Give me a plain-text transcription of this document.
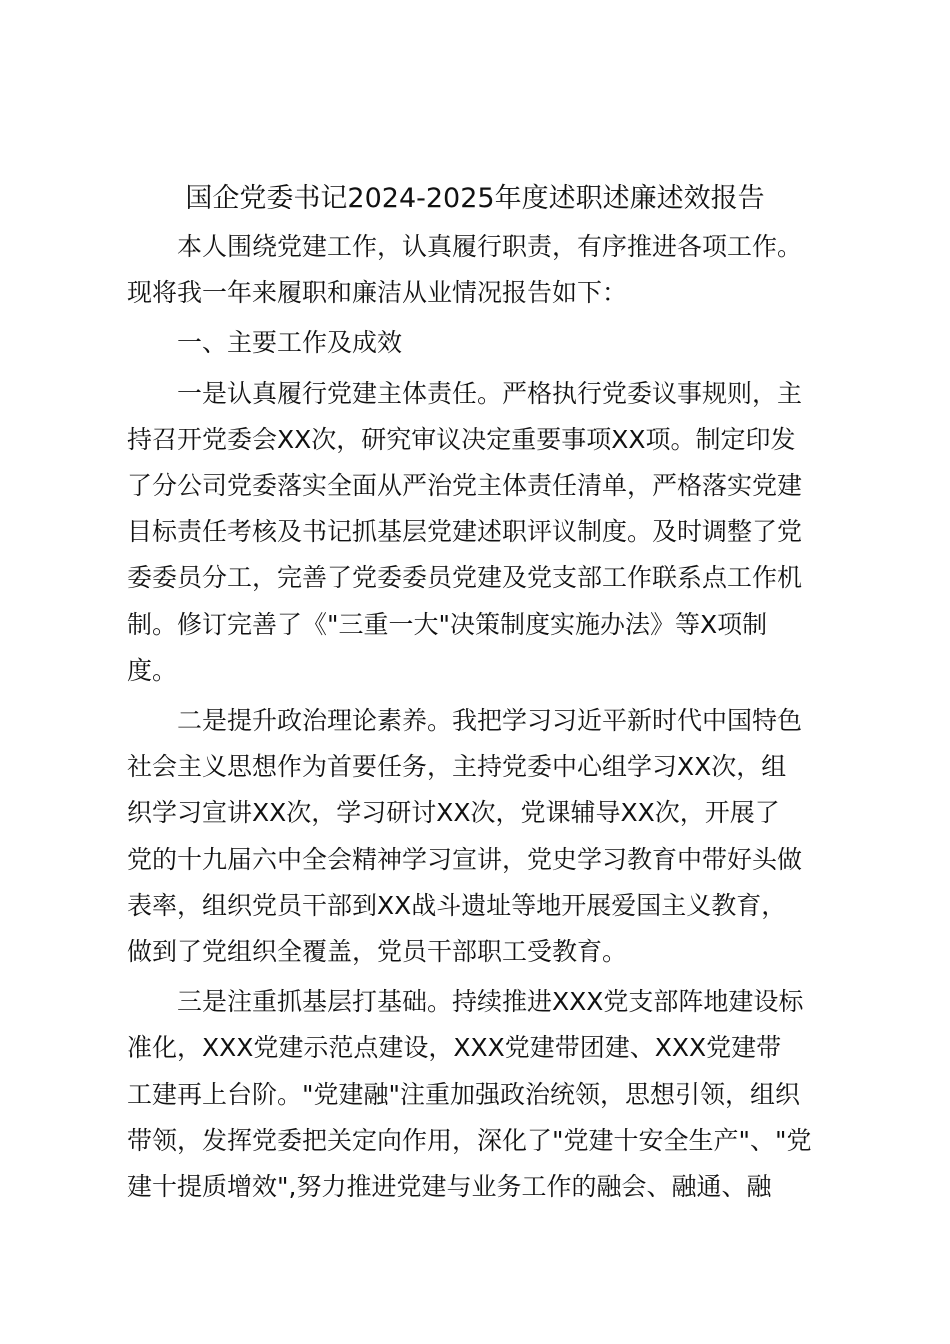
国企党委书记2024-2025年度述职述廉述效报告

本人围绕党建工作，认真履行职责，有序推进各项工作。
现将我一年来履职和廉洁从业情况报告如下：

一、主要工作及成效

一是认真履行党建主体责任。严格执行党委议事规则，主
持召开党委会XX次，研究审议决定重要事项XX项。制定印发
了分公司党委落实全面从严治党主体责任清单，严格落实党建
目标责任考核及书记抓基层党建述职评议制度。及时调整了党
委委员分工，完善了党委委员党建及党支部工作联系点工作机
制。修订完善了《"三重一大"决策制度实施办法》等X项制
度。

二是提升政治理论素养。我把学习习近平新时代中国特色
社会主义思想作为首要任务，主持党委中心组学习XX次，组
织学习宣讲XX次，学习研讨XX次，党课辅导XX次，开展了
党的十九届六中全会精神学习宣讲，党史学习教育中带好头做
表率，组织党员干部到XX战斗遗址等地开展爱国主义教育，
做到了党组织全覆盖，党员干部职工受教育。

三是注重抓基层打基础。持续推进XXX党支部阵地建设标
准化，XXX党建示范点建设，XXX党建带团建、XXX党建带
工建再上台阶。"党建融"注重加强政治统领，思想引领，组织
带领，发挥党委把关定向作用，深化了"党建十安全生产"、"党
建十提质增效",努力推进党建与业务工作的融会、融通、融
